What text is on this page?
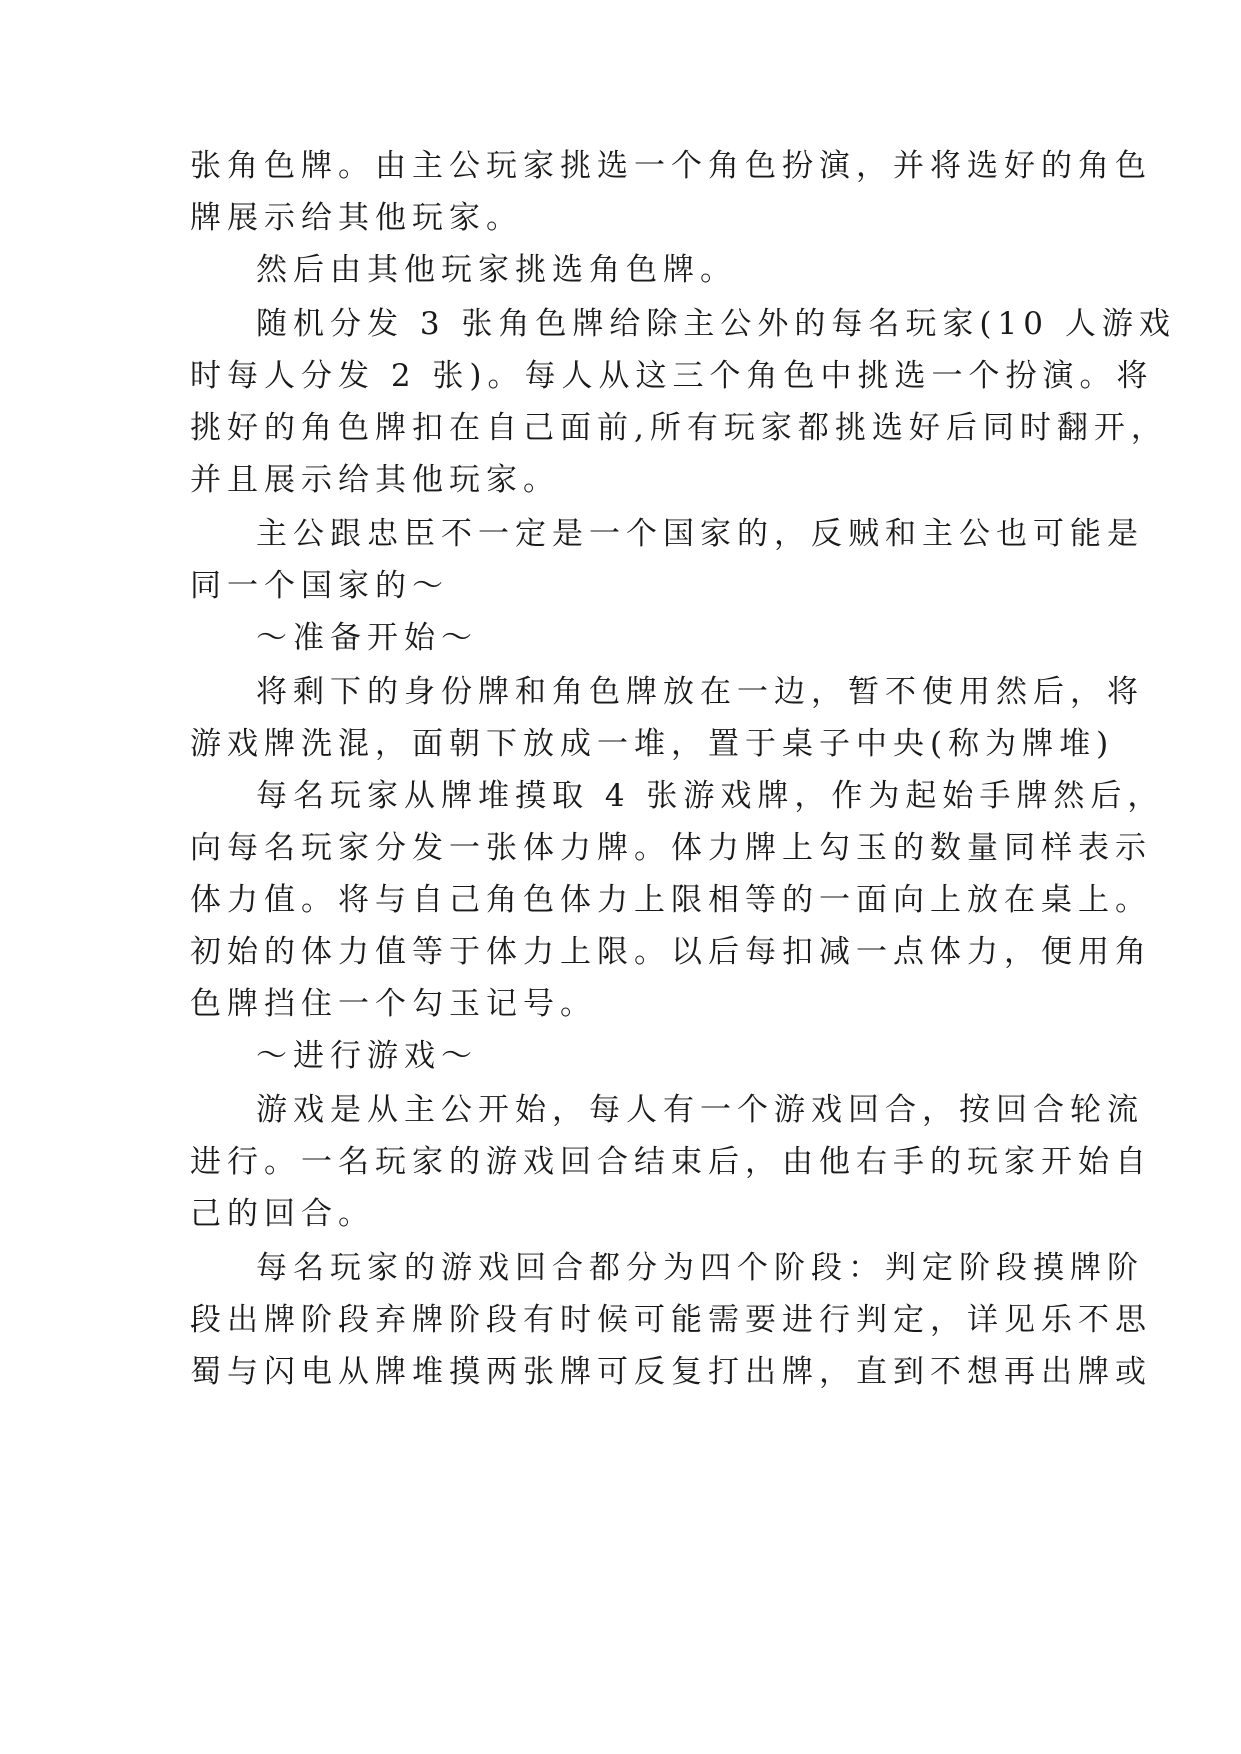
张角色牌。由主公玩家挑选一个角色扮演，并将选好的角色
牌展示给其他玩家。
然后由其他玩家挑选角色牌。
随机分发 3 张角色牌给除主公外的每名玩家(10 人游戏
时每人分发 2 张)。每人从这三个角色中挑选一个扮演。将
挑好的角色牌扣在自己面前,所有玩家都挑选好后同时翻开，
并且展示给其他玩家。
主公跟忠臣不一定是一个国家的，反贼和主公也可能是
同一个国家的～
～准备开始～
将剩下的身份牌和角色牌放在一边，暂不使用然后，将
游戏牌洗混，面朝下放成一堆，置于桌子中央(称为牌堆)
每名玩家从牌堆摸取 4 张游戏牌，作为起始手牌然后，
向每名玩家分发一张体力牌。体力牌上勾玉的数量同样表示
体力值。将与自己角色体力上限相等的一面向上放在桌上。
初始的体力值等于体力上限。以后每扣减一点体力，便用角
色牌挡住一个勾玉记号。
～进行游戏～
游戏是从主公开始，每人有一个游戏回合，按回合轮流
进行。一名玩家的游戏回合结束后，由他右手的玩家开始自
己的回合。
每名玩家的游戏回合都分为四个阶段：判定阶段摸牌阶
段出牌阶段弃牌阶段有时候可能需要进行判定，详见乐不思
蜀与闪电从牌堆摸两张牌可反复打出牌，直到不想再出牌或
